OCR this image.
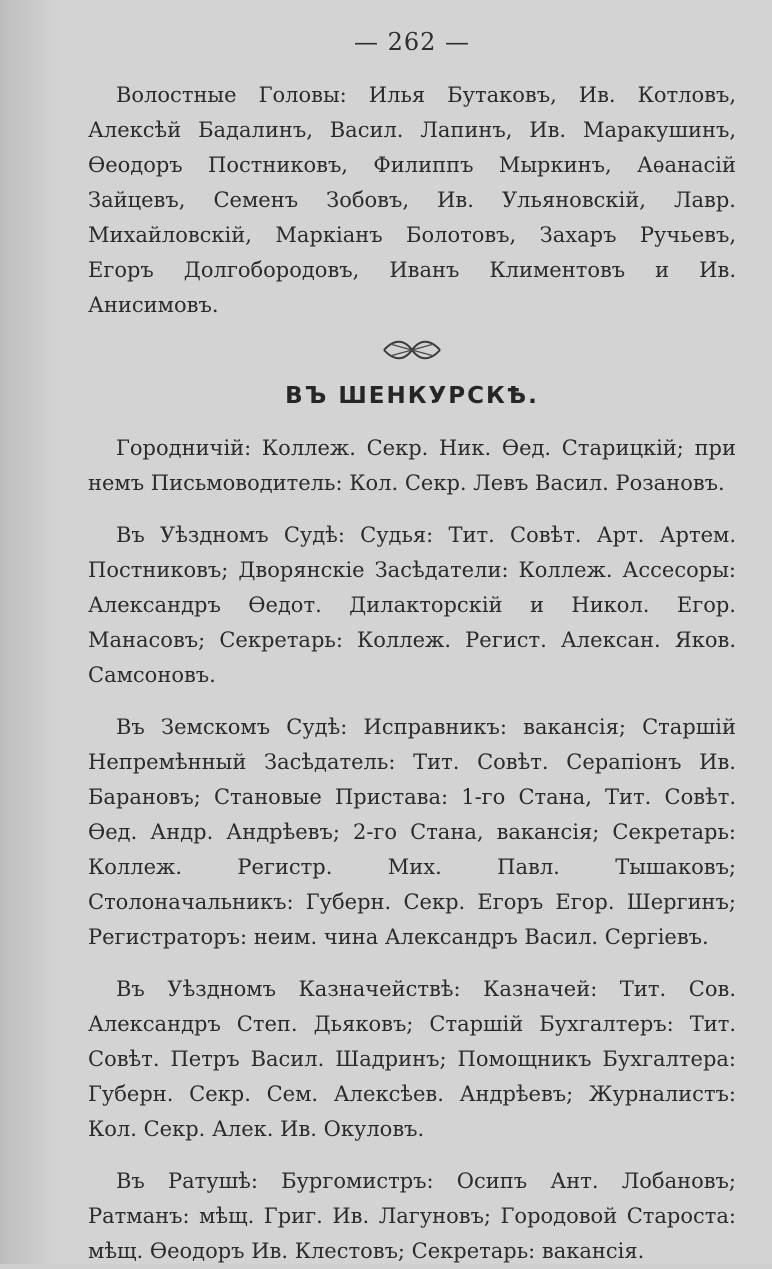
— 262 —

Волостные Головы: Илья Бутаковъ, Ив. Котловъ, Алексѣй Бадалинъ, Васил. Лапинъ, Ив. Маракушинъ, Ѳеодоръ Постниковъ, Филиппъ Мыркинъ, Аѳанасій Зайцевъ, Семенъ Зобовъ, Ив. Ульяновскій, Лавр. Михайловскій, Маркіанъ Болотовъ, Захаръ Ручьевъ, Егоръ Долгобородовъ, Иванъ Климентовъ и Ив. Анисимовъ.

ВЪ ШЕНКУРСКѢ.

Городничій: Коллеж. Секр. Ник. Ѳед. Старицкій; при немъ Письмоводитель: Кол. Секр. Левъ Васил. Розановъ.

Въ Уѣздномъ Судѣ: Судья: Тит. Совѣт. Арт. Артем. Постниковъ; Дворянскіе Засѣдатели: Коллеж. Ассесоры: Александръ Ѳедот. Дилакторскій и Никол. Егор. Манасовъ; Секретарь: Коллеж. Регист. Алексан. Яков. Самсоновъ.

Въ Земскомъ Судѣ: Исправникъ: вакансія; Старшій Непремѣнный Засѣдатель: Тит. Совѣт. Серапіонъ Ив. Барановъ; Становые Пристава: 1-го Стана, Тит. Совѣт. Ѳед. Андр. Андрѣевъ; 2-го Стана, вакансія; Секретарь: Коллеж. Регистр. Мих. Павл. Тышаковъ; Столоначальникъ: Губерн. Секр. Егоръ Егор. Шергинъ; Регистраторъ: неим. чина Александръ Васил. Сергіевъ.

Въ Уѣздномъ Казначействѣ: Казначей: Тит. Сов. Александръ Степ. Дьяковъ; Старшій Бухгалтеръ: Тит. Совѣт. Петръ Васил. Шадринъ; Помощникъ Бухгалтера: Губерн. Секр. Сем. Алексѣев. Андрѣевъ; Журналистъ: Кол. Секр. Алек. Ив. Окуловъ.

Въ Ратушѣ: Бургомистръ: Осипъ Ант. Лобановъ; Ратманъ: мѣщ. Григ. Ив. Лагуновъ; Городовой Староста: мѣщ. Ѳеодоръ Ив. Клестовъ; Секретарь: вакансія.
